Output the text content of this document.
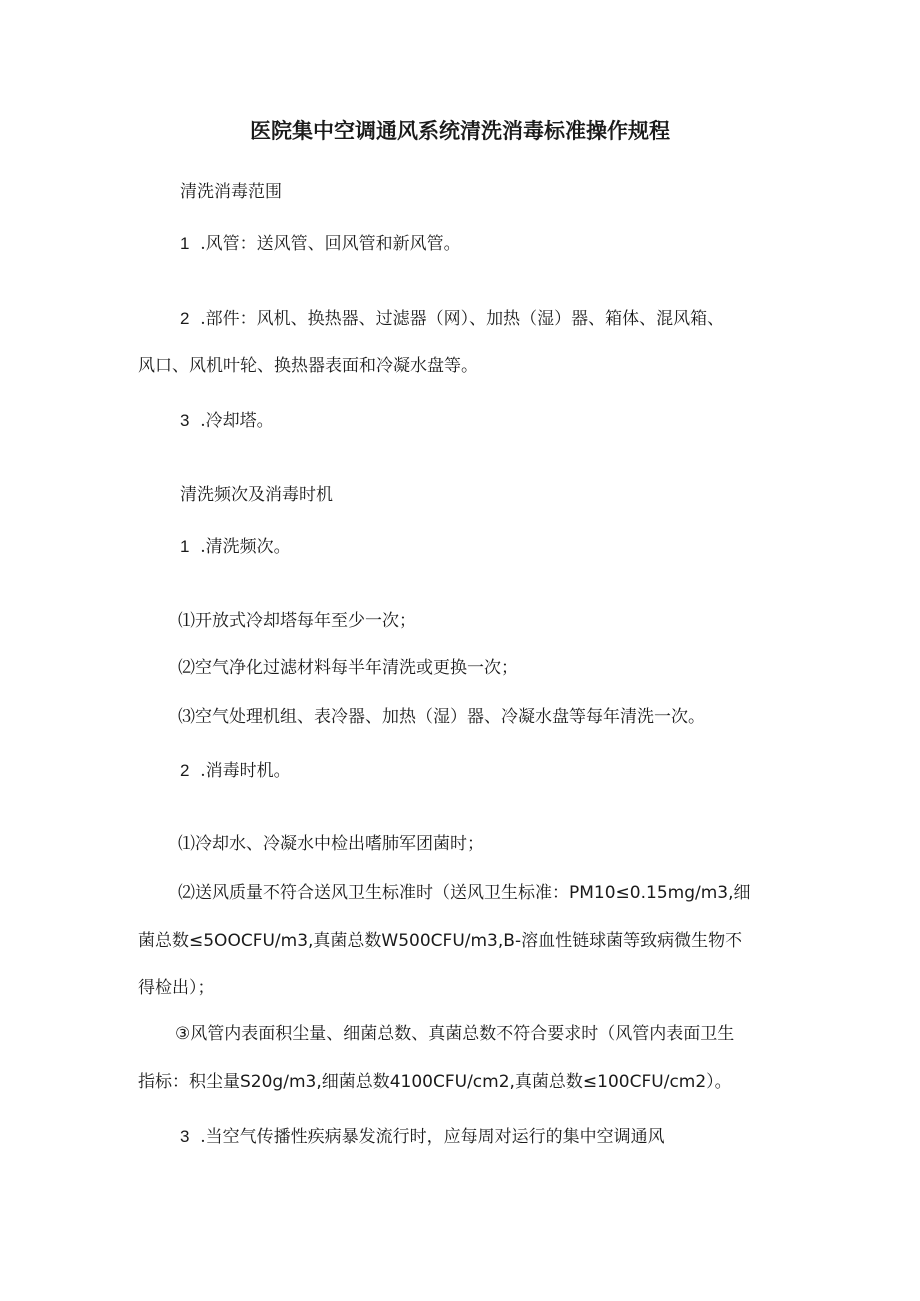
医院集中空调通风系统清洗消毒标准操作规程

清洗消毒范围

1 .风管：送风管、回风管和新风管。

2 .部件：风机、换热器、过滤器（网）、加热（湿）器、箱体、混风箱、

风口、风机叶轮、换热器表面和冷凝水盘等。

3 .冷却塔。

清洗频次及消毒时机

1 .清洗频次。

⑴开放式冷却塔每年至少一次；

⑵空气净化过滤材料每半年清洗或更换一次；

⑶空气处理机组、表冷器、加热（湿）器、冷凝水盘等每年清洗一次。

2 .消毒时机。

⑴冷却水、冷凝水中检出嗜肺军团菌时；

⑵送风质量不符合送风卫生标准时（送风卫生标准：PM10≤0.15mg∕m3,细

菌总数≤5OOCFU∕m3,真菌总数W500CFU∕m3,B-溶血性链球菌等致病微生物不

得检出）；

③风管内表面积尘量、细菌总数、真菌总数不符合要求时（风管内表面卫生

指标：积尘量S20g∕m3,细菌总数4100CFU/cm2,真菌总数≤100CFU∕cm2）。

3 .当空气传播性疾病暴发流行时，应每周对运行的集中空调通风
